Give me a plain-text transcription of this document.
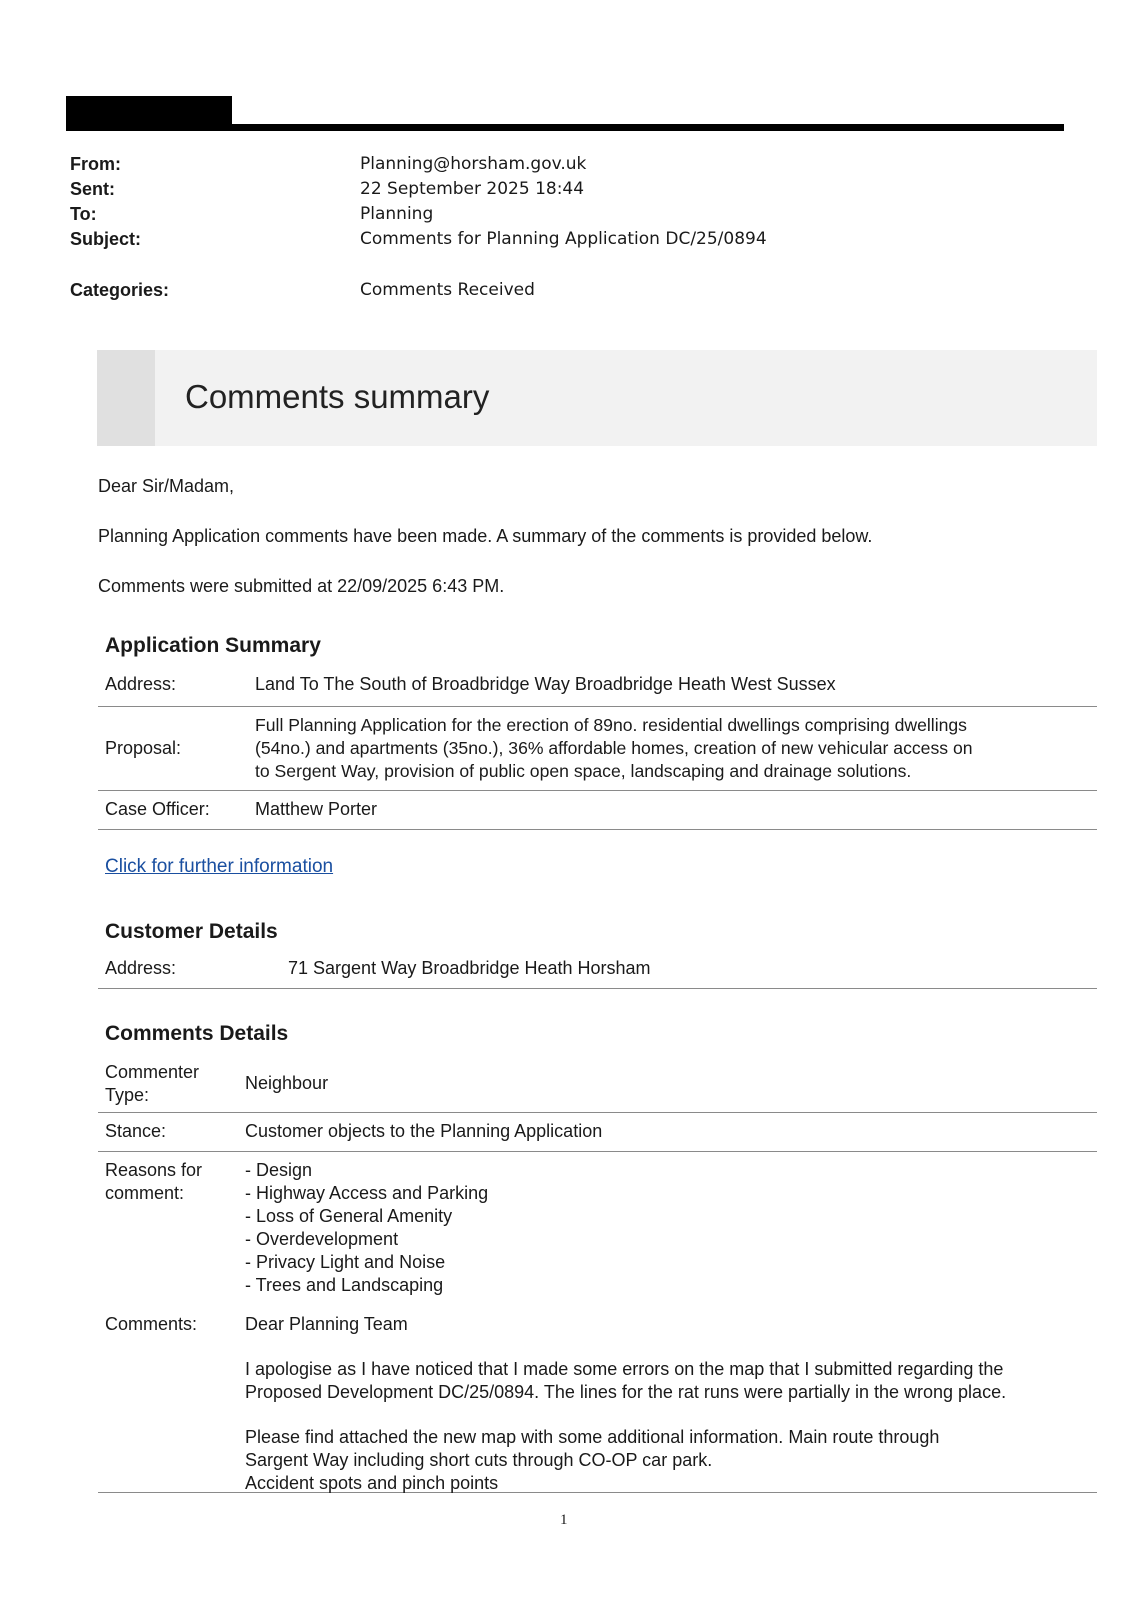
From:	Planning@horsham.gov.uk
Sent:	22 September 2025 18:44
To:	Planning
Subject:	Comments for Planning Application DC/25/0894
Categories:	Comments Received
Comments summary
Dear Sir/Madam,
Planning Application comments have been made. A summary of the comments is provided below.
Comments were submitted at 22/09/2025 6:43 PM.
Application Summary
Address:	Land To The South of Broadbridge Way Broadbridge Heath West Sussex
Proposal:
Full Planning Application for the erection of 89no. residential dwellings comprising dwellings
(54no.) and apartments (35no.), 36% affordable homes, creation of new vehicular access on
to Sergent Way, provision of public open space, landscaping and drainage solutions.
Case Officer:	Matthew Porter
Click for further information
Customer Details
Address:	71 Sargent Way Broadbridge Heath Horsham
Comments Details
Commenter
Type:
Neighbour
Stance:	Customer objects to the Planning Application
Reasons for
comment:
- Design
- Highway Access and Parking
- Loss of General Amenity
- Overdevelopment
- Privacy Light and Noise
- Trees and Landscaping
Comments:	Dear Planning Team
I apologise as I have noticed that I made some errors on the map that I submitted regarding the
Proposed Development DC/25/0894. The lines for the rat runs were partially in the wrong place.
Please find attached the new map with some additional information. Main route through
Sargent Way including short cuts through CO-OP car park.
Accident spots and pinch points
1
